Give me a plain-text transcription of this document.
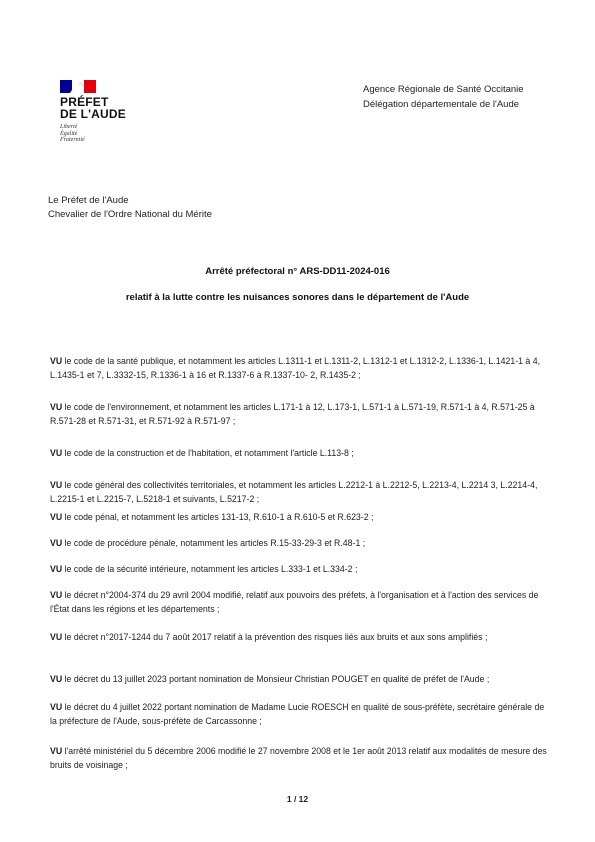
PRÉFET
DE L'AUDE
Liberté
Égalité
Fraternité
Agence Régionale de Santé Occitanie
Délégation départementale de l'Aude
Le Préfet de l'Aude
Chevalier de l'Ordre National du Mérite
Arrêté préfectoral n° ARS-DD11-2024-016
relatif à la lutte contre les nuisances sonores dans le département de l'Aude
VU le code de la santé publique, et notamment les articles L.1311-1 et L.1311-2, L.1312-1 et L.1312-2, L.1336-1, L.1421-1 à 4, L.1435-1 et 7, L.3332-15, R.1336-1 à 16 et R.1337-6 à R.1337-10- 2, R.1435-2 ;
VU le code de l'environnement, et notamment les articles L.171-1 à 12, L.173-1, L.571-1 à L.571-19, R.571-1 à 4, R.571-25 à R.571-28 et R.571-31, et R.571-92 à R.571-97 ;
VU le code de la construction et de l'habitation, et notamment l'article L.113-8 ;
VU le code général des collectivités territoriales, et notamment les articles L.2212-1 à L.2212-5, L.2213-4, L.2214 3, L.2214-4, L.2215-1 et L.2215-7, L.5218-1 et suivants, L.5217-2 ;
VU le code pénal, et notamment les articles 131-13, R.610-1 à R.610-5 et R.623-2 ;
VU le code de procédure pénale, notamment les articles R.15-33-29-3 et R.48-1 ;
VU le code de la sécurité intérieure, notamment les articles L.333-1 et L.334-2 ;
VU le décret n°2004-374 du 29 avril 2004 modifié, relatif aux pouvoirs des préfets, à l'organisation et à l'action des services de l'État dans les régions et les départements ;
VU le décret n°2017-1244 du 7 août 2017 relatif à la prévention des risques liés aux bruits et aux sons amplifiés ;
VU le décret du 13 juillet 2023 portant nomination de Monsieur Christian POUGET en qualité de préfet de l'Aude ;
VU le décret du 4 juillet 2022 portant nomination de Madame Lucie ROESCH en qualité de sous-préfète, secrétaire générale de la préfecture de l'Aude, sous-préfète de Carcassonne ;
VU l'arrêté ministériel du 5 décembre 2006 modifié le 27 novembre 2008 et le 1er août 2013 relatif aux modalités de mesure des bruits de voisinage ;
1 / 12
